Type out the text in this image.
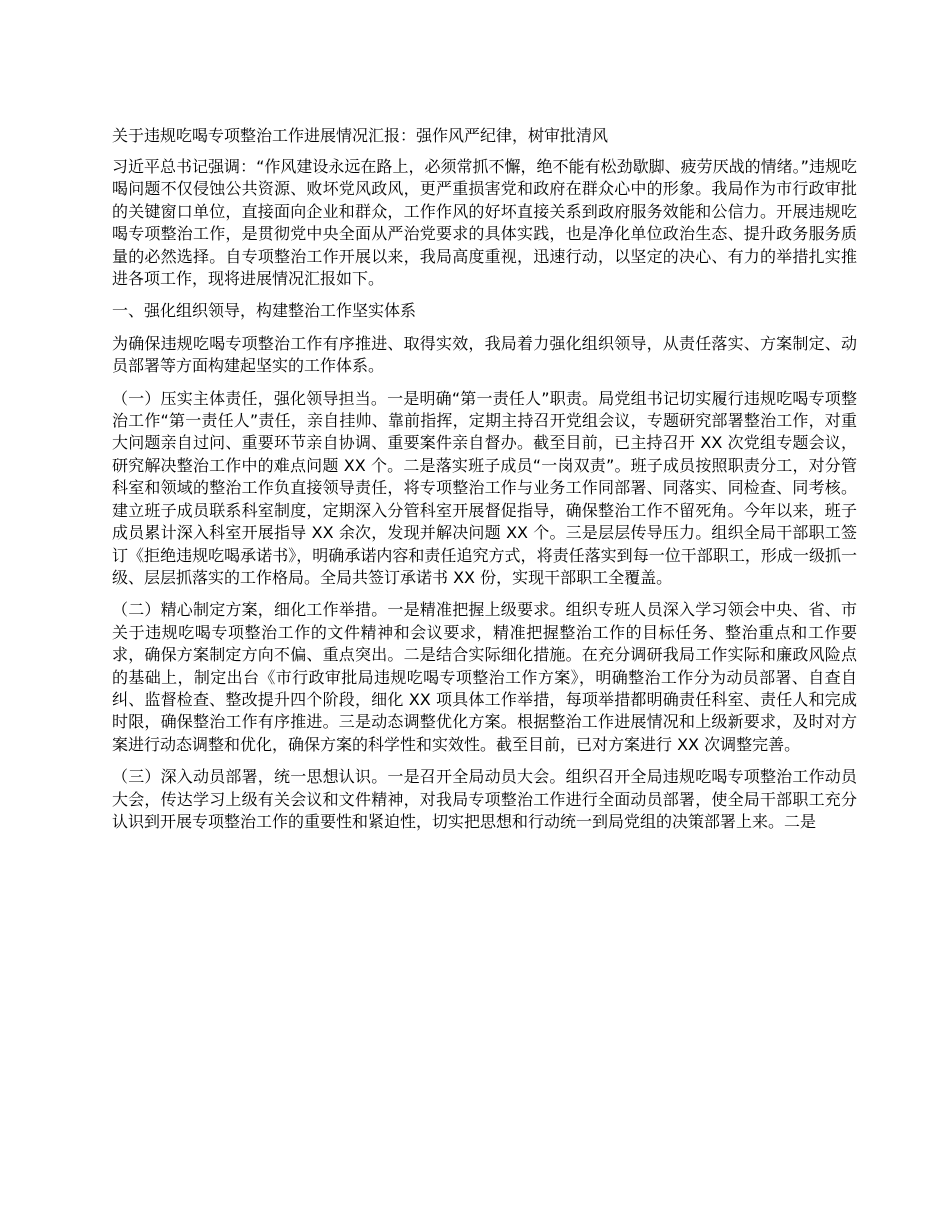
关于违规吃喝专项整治工作进展情况汇报：强作风严纪律，树审批清风

习近平总书记强调：“作风建设永远在路上，必须常抓不懈，绝不能有松劲歇脚、疲劳厌战的情绪。”违规吃喝问题不仅侵蚀公共资源、败坏党风政风，更严重损害党和政府在群众心中的形象。我局作为市行政审批的关键窗口单位，直接面向企业和群众，工作作风的好坏直接关系到政府服务效能和公信力。开展违规吃喝专项整治工作，是贯彻党中央全面从严治党要求的具体实践，也是净化单位政治生态、提升政务服务质量的必然选择。自专项整治工作开展以来，我局高度重视，迅速行动，以坚定的决心、有力的举措扎实推进各项工作，现将进展情况汇报如下。

一、强化组织领导，构建整治工作坚实体系

为确保违规吃喝专项整治工作有序推进、取得实效，我局着力强化组织领导，从责任落实、方案制定、动员部署等方面构建起坚实的工作体系。

（一）压实主体责任，强化领导担当。一是明确“第一责任人”职责。局党组书记切实履行违规吃喝专项整治工作“第一责任人”责任，亲自挂帅、靠前指挥，定期主持召开党组会议，专题研究部署整治工作，对重大问题亲自过问、重要环节亲自协调、重要案件亲自督办。截至目前，已主持召开 XX 次党组专题会议，研究解决整治工作中的难点问题 XX 个。二是落实班子成员“一岗双责”。班子成员按照职责分工，对分管科室和领域的整治工作负直接领导责任，将专项整治工作与业务工作同部署、同落实、同检查、同考核。建立班子成员联系科室制度，定期深入分管科室开展督促指导，确保整治工作不留死角。今年以来，班子成员累计深入科室开展指导 XX 余次，发现并解决问题 XX 个。三是层层传导压力。组织全局干部职工签订《拒绝违规吃喝承诺书》，明确承诺内容和责任追究方式，将责任落实到每一位干部职工，形成一级抓一级、层层抓落实的工作格局。全局共签订承诺书 XX 份，实现干部职工全覆盖。

（二）精心制定方案，细化工作举措。一是精准把握上级要求。组织专班人员深入学习领会中央、省、市关于违规吃喝专项整治工作的文件精神和会议要求，精准把握整治工作的目标任务、整治重点和工作要求，确保方案制定方向不偏、重点突出。二是结合实际细化措施。在充分调研我局工作实际和廉政风险点的基础上，制定出台《市行政审批局违规吃喝专项整治工作方案》，明确整治工作分为动员部署、自查自纠、监督检查、整改提升四个阶段，细化 XX 项具体工作举措，每项举措都明确责任科室、责任人和完成时限，确保整治工作有序推进。三是动态调整优化方案。根据整治工作进展情况和上级新要求，及时对方案进行动态调整和优化，确保方案的科学性和实效性。截至目前，已对方案进行 XX 次调整完善。

（三）深入动员部署，统一思想认识。一是召开全局动员大会。组织召开全局违规吃喝专项整治工作动员大会，传达学习上级有关会议和文件精神，对我局专项整治工作进行全面动员部署，使全局干部职工充分认识到开展专项整治工作的重要性和紧迫性，切实把思想和行动统一到局党组的决策部署上来。二是
